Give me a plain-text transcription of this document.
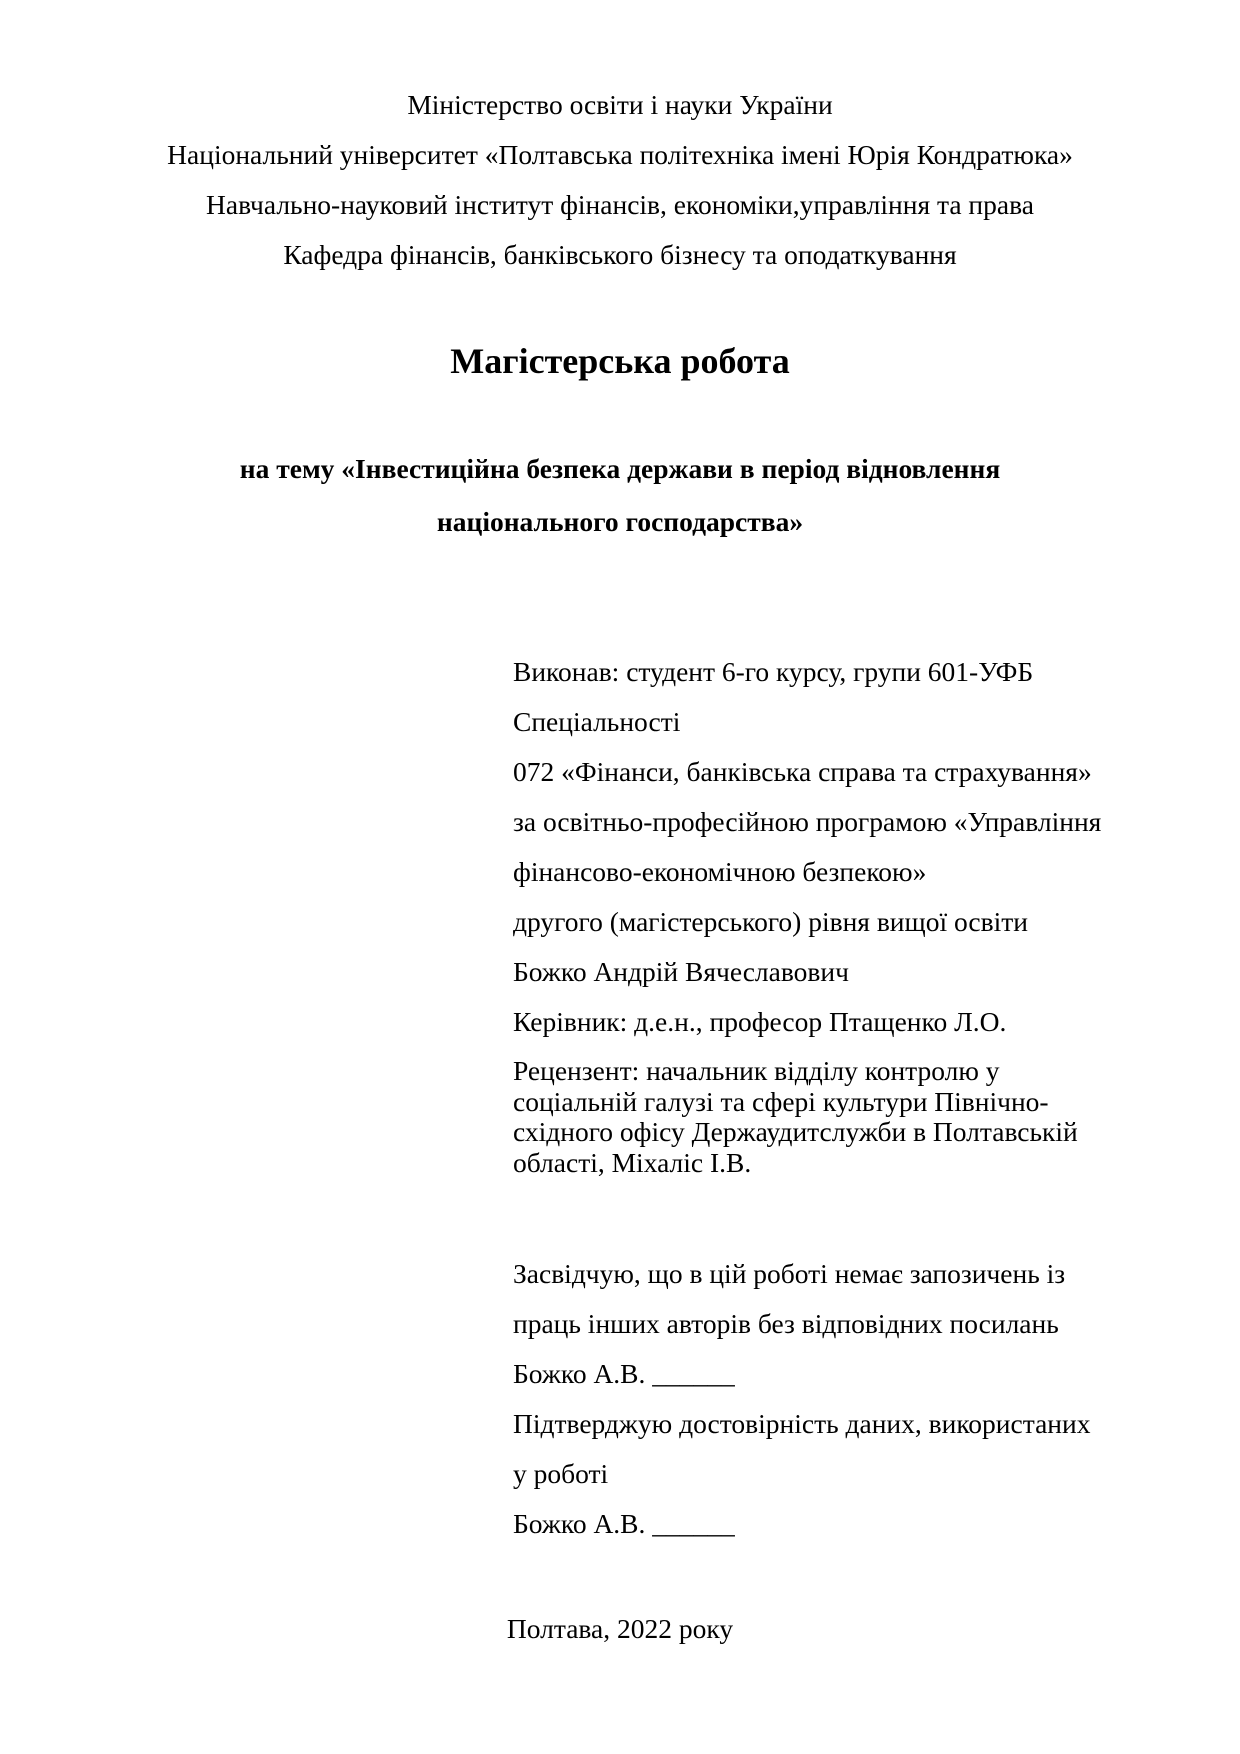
Міністерство освіти і науки України
Національний університет «Полтавська політехніка імені Юрія Кондратюка»
Навчально-науковий інститут фінансів, економіки,управління та права
Кафедра фінансів, банківського бізнесу та оподаткування
Магістерська робота
на тему «Інвестиційна безпека держави в період відновлення
національного господарства»
Виконав: студент 6-го курсу, групи 601-УФБ
Спеціальності
072 «Фінанси, банківська справа та страхування»
за освітньо-професійною програмою «Управління
фінансово-економічною безпекою»
другого (магістерського) рівня вищої освіти
Божко Андрій Вячеславович
Керівник: д.е.н., професор Птащенко Л.О.
Рецензент: начальник відділу контролю у
соціальній галузі та сфері культури Північно-
східного офісу Держаудитслужби в Полтавській
області, Міхаліс І.В.
Засвідчую, що в цій роботі немає запозичень із
праць інших авторів без відповідних посилань
Божко А.В. ______
Підтверджую достовірність даних, використаних
у роботі
Божко А.В. ______
Полтава, 2022 року
